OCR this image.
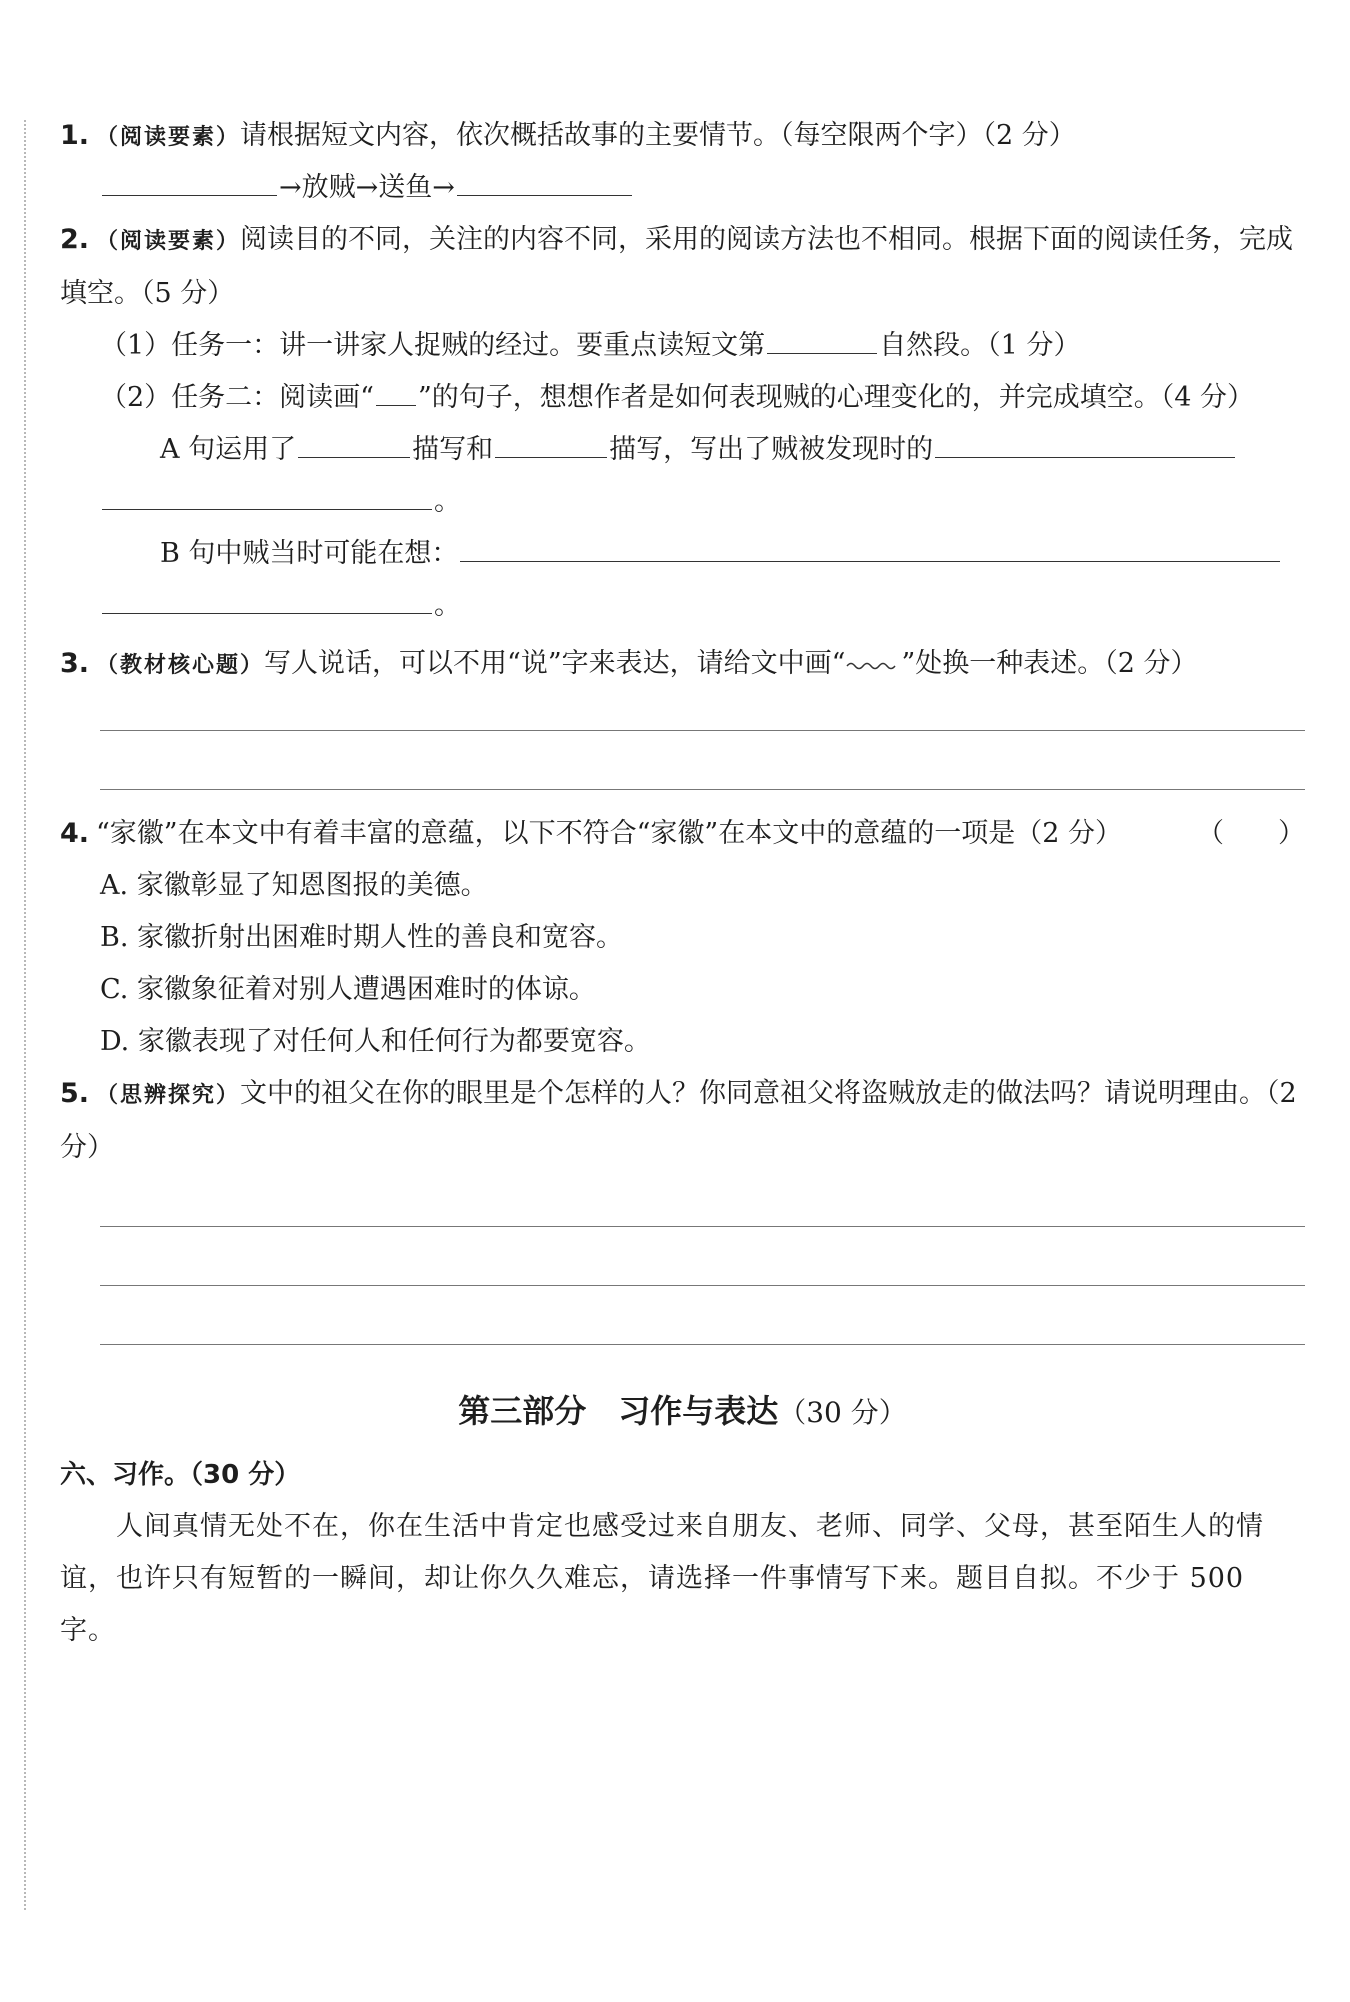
1. （阅读要素）请根据短文内容，依次概括故事的主要情节。（每空限两个字）（2 分）
→放贼→送鱼→
2. （阅读要素）阅读目的不同，关注的内容不同，采用的阅读方法也不相同。根据下面的阅读任务，完成填空。（5 分）
（1）任务一：讲一讲家人捉贼的经过。要重点读短文第	自然段。（1 分）
（2）任务二：阅读画“ ”的句子，想想作者是如何表现贼的心理变化的，并完成填空。（4 分）
A 句运用了	描写和	描写，写出了贼被发现时的
。
B 句中贼当时可能在想：
。
3. （教材核心题）写人说话，可以不用“说”字来表达，请给文中画“ ”处换一种表述。（2 分）
4. “家徽”在本文中有着丰富的意蕴，以下不符合“家徽”在本文中的意蕴的一项是（2 分）	（　　）
A. 家徽彰显了知恩图报的美德。
B. 家徽折射出困难时期人性的善良和宽容。
C. 家徽象征着对别人遭遇困难时的体谅。
D. 家徽表现了对任何人和任何行为都要宽容。
5. （思辨探究）文中的祖父在你的眼里是个怎样的人？你同意祖父将盗贼放走的做法吗？请说明理由。（2 分）
第三部分　习作与表达（30 分）
六、习作。（30 分）
人间真情无处不在，你在生活中肯定也感受过来自朋友、老师、同学、父母，甚至陌生人的情谊，也许只有短暂的一瞬间，却让你久久难忘，请选择一件事情写下来。题目自拟。不少于 500 字。
